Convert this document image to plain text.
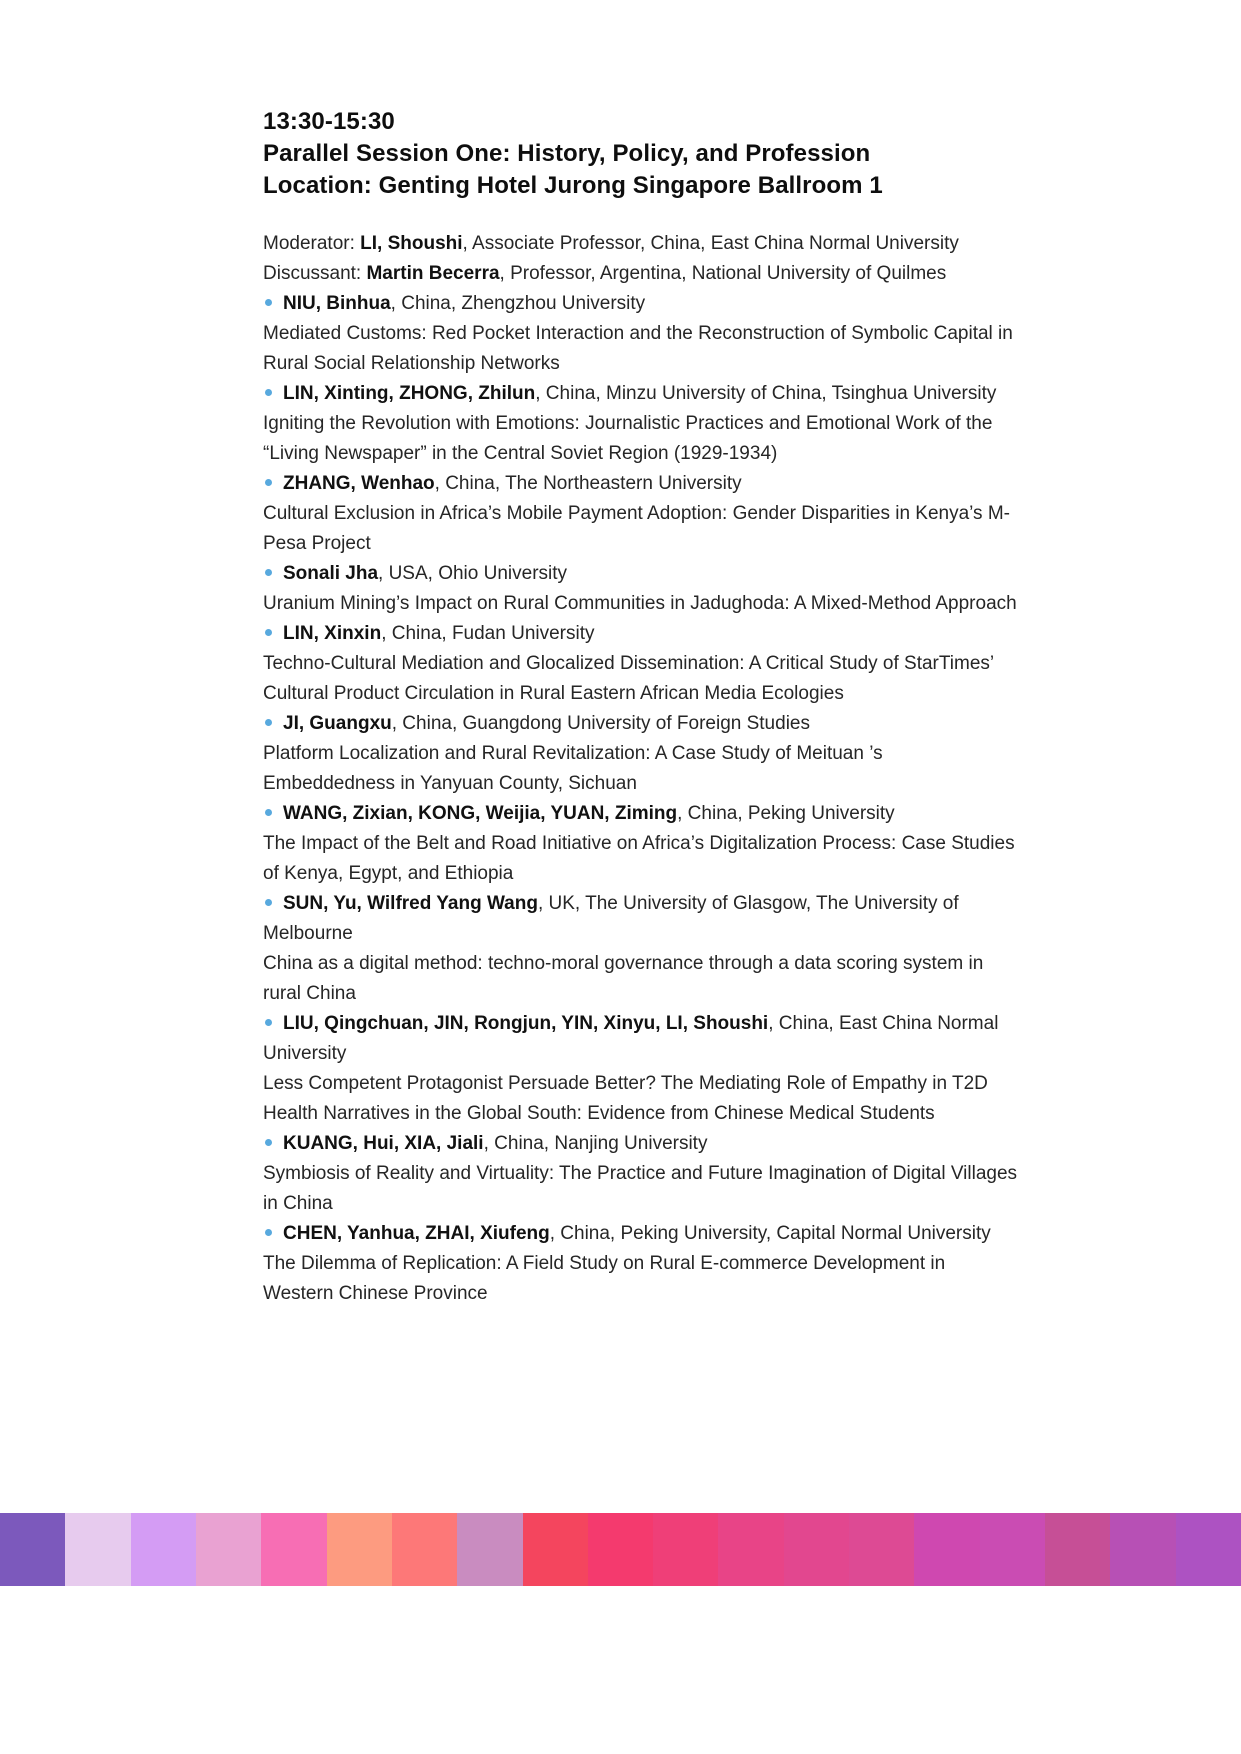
13:30-15:30

Parallel Session One: History, Policy, and Profession

Location: Genting Hotel Jurong Singapore Ballroom 1

Moderator: LI, Shoushi, Associate Professor, China, East China Normal University

Discussant: Martin Becerra, Professor, Argentina, National University of Quilmes

NIU, Binhua, China, Zhengzhou University

Mediated Customs: Red Pocket Interaction and the Reconstruction of Symbolic Capital in Rural Social Relationship Networks

LIN, Xinting, ZHONG, Zhilun, China, Minzu University of China, Tsinghua University

Igniting the Revolution with Emotions: Journalistic Practices and Emotional Work of the “Living Newspaper” in the Central Soviet Region (1929-1934)

ZHANG, Wenhao, China, The Northeastern University

Cultural Exclusion in Africa’s Mobile Payment Adoption: Gender Disparities in Kenya’s M-Pesa Project

Sonali Jha, USA, Ohio University

Uranium Mining’s Impact on Rural Communities in Jadughoda: A Mixed-Method Approach

LIN, Xinxin, China, Fudan University

Techno-Cultural Mediation and Glocalized Dissemination: A Critical Study of StarTimes’ Cultural Product Circulation in Rural Eastern African Media Ecologies

JI, Guangxu, China, Guangdong University of Foreign Studies

Platform Localization and Rural Revitalization: A Case Study of Meituan ’s Embeddedness in Yanyuan County, Sichuan

WANG, Zixian, KONG, Weijia, YUAN, Ziming, China, Peking University

The Impact of the Belt and Road Initiative on Africa’s Digitalization Process: Case Studies of Kenya, Egypt, and Ethiopia

SUN, Yu, Wilfred Yang Wang, UK, The University of Glasgow, The University of Melbourne

China as a digital method: techno-moral governance through a data scoring system in rural China

LIU, Qingchuan, JIN, Rongjun, YIN, Xinyu, LI, Shoushi, China, East China Normal University

Less Competent Protagonist Persuade Better? The Mediating Role of Empathy in T2D Health Narratives in the Global South: Evidence from Chinese Medical Students

KUANG, Hui, XIA, Jiali, China, Nanjing University

Symbiosis of Reality and Virtuality: The Practice and Future Imagination of Digital Villages in China

CHEN, Yanhua, ZHAI, Xiufeng, China, Peking University, Capital Normal University

The Dilemma of Replication: A Field Study on Rural E-commerce Development in Western Chinese Province
